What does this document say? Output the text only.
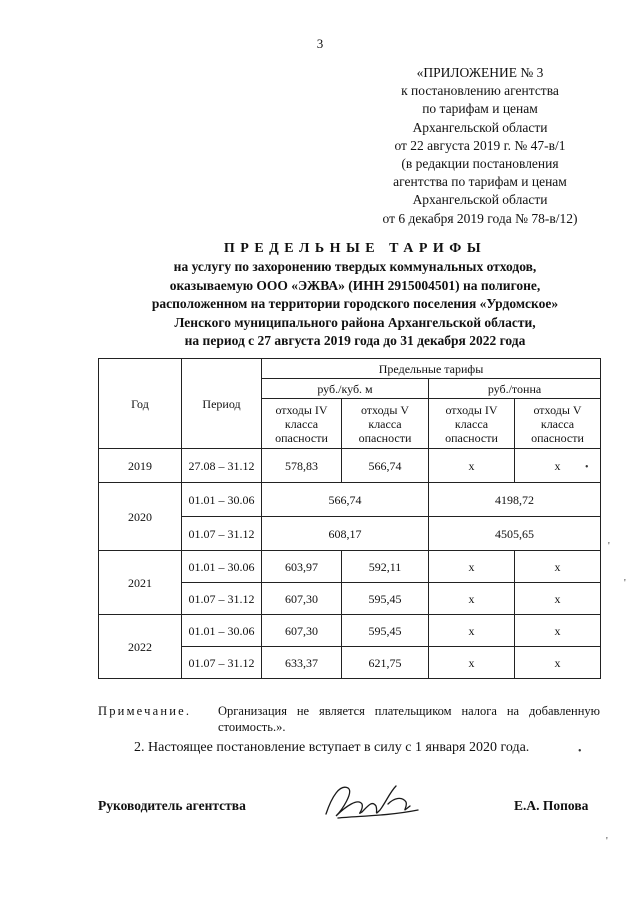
3
«ПРИЛОЖЕНИЕ № 3
к постановлению агентства
по тарифам и ценам
Архангельской области
от 22 августа 2019 г. № 47-в/1
(в редакции постановления
агентства по тарифам и ценам
Архангельской области
от 6 декабря 2019 года № 78-в/12)
ПРЕДЕЛЬНЫЕ ТАРИФЫ
на услугу по захоронению твердых коммунальных отходов,
оказываемую ООО «ЭЖВА» (ИНН 2915004501) на полигоне,
расположенном на территории городского поселения «Урдомское»
Ленского муниципального района Архангельской области,
на период с 27 августа 2019 года до 31 декабря 2022 года
Год	Период	Предельные тарифы			
		руб./куб. м		руб./тонна	
		отходы IV класса опасности	отходы V класса опасности	отходы IV класса опасности	отходы V класса опасности
2019	27.08 – 31.12	578,83	566,74	х	х
2020	01.01 – 30.06	566,74		4198,72	
	01.07 – 31.12	608,17		4505,65	
2021	01.01 – 30.06	603,97	592,11	х	х
	01.07 – 31.12	607,30	595,45	х	х
2022	01.01 – 30.06	607,30	595,45	х	х
	01.07 – 31.12	633,37	621,75	х	х
Примечание. Организация не является плательщиком налога на добавленную стоимость.».
2. Настоящее постановление вступает в силу с 1 января 2020 года.
Руководитель агентства	Е.А. Попова
•
'
'
•
'
